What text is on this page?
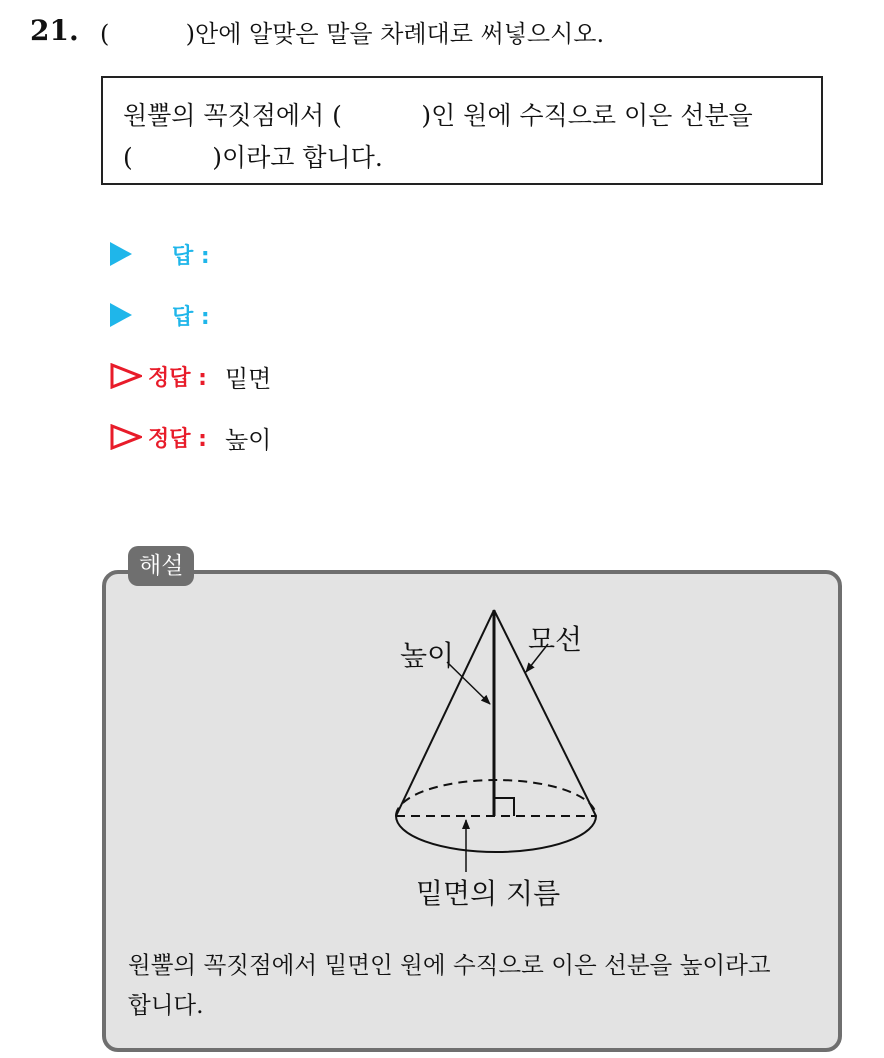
21. (          )안에 알맞은 말을 차례대로 써넣으시오.
원뿔의 꼭짓점에서 (          )인 원에 수직으로 이은 선분을
(          )이라고 합니다.
답 :
답 :
정답 : 밑면
정답 : 높이
해설
높이	모선
밑면의 지름
원뿔의 꼭짓점에서 밑면인 원에 수직으로 이은 선분을 높이라고
합니다.
